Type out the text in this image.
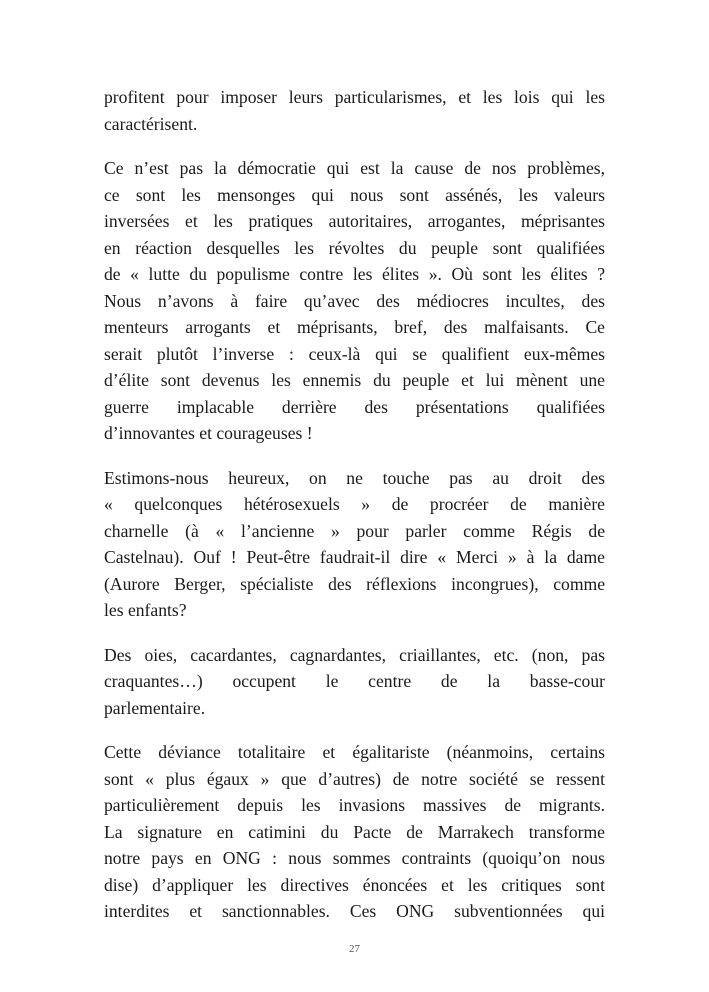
profitent pour imposer leurs particularismes, et les lois qui les
caractérisent.
Ce n’est pas la démocratie qui est la cause de nos problèmes,
ce sont les mensonges qui nous sont assénés, les valeurs
inversées et les pratiques autoritaires, arrogantes, méprisantes
en réaction desquelles les révoltes du peuple sont qualifiées
de « lutte du populisme contre les élites ». Où sont les élites ?
Nous n’avons à faire qu’avec des médiocres incultes, des
menteurs arrogants et méprisants, bref, des malfaisants. Ce
serait plutôt l’inverse : ceux-là qui se qualifient eux-mêmes
d’élite sont devenus les ennemis du peuple et lui mènent une
guerre implacable derrière des présentations qualifiées
d’innovantes et courageuses !
Estimons-nous heureux, on ne touche pas au droit des
« quelconques hétérosexuels » de procréer de manière
charnelle (à « l’ancienne » pour parler comme Régis de
Castelnau). Ouf ! Peut-être faudrait-il dire « Merci » à la dame
(Aurore Berger, spécialiste des réflexions incongrues), comme
les enfants?
Des oies, cacardantes, cagnardantes, criaillantes, etc. (non, pas
craquantes…) occupent le centre de la basse-cour
parlementaire.
Cette déviance totalitaire et égalitariste (néanmoins, certains
sont « plus égaux » que d’autres) de notre société se ressent
particulièrement depuis les invasions massives de migrants.
La signature en catimini du Pacte de Marrakech transforme
notre pays en ONG : nous sommes contraints (quoiqu’on nous
dise) d’appliquer les directives énoncées et les critiques sont
interdites et sanctionnables. Ces ONG subventionnées qui
27
